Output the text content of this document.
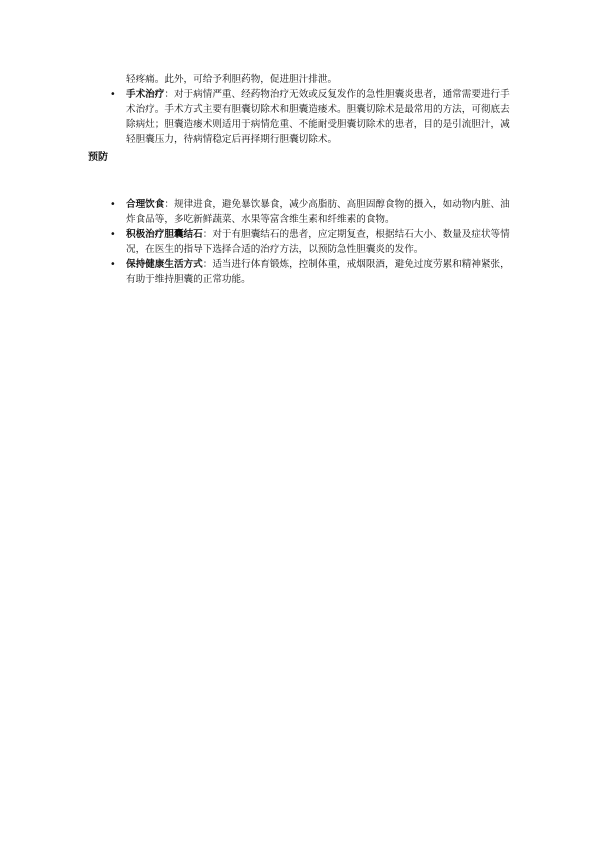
轻疼痛。此外，可给予利胆药物，促进胆汁排泄。

• 手术治疗：对于病情严重、经药物治疗无效或反复发作的急性胆囊炎患者，通常需要进行手术治疗。手术方式主要有胆囊切除术和胆囊造瘘术。胆囊切除术是最常用的方法，可彻底去除病灶；胆囊造瘘术则适用于病情危重、不能耐受胆囊切除术的患者，目的是引流胆汁，减轻胆囊压力，待病情稳定后再择期行胆囊切除术。
预防
• 合理饮食：规律进食，避免暴饮暴食，减少高脂肪、高胆固醇食物的摄入，如动物内脏、油炸食品等，多吃新鲜蔬菜、水果等富含维生素和纤维素的食物。
• 积极治疗胆囊结石：对于有胆囊结石的患者，应定期复查，根据结石大小、数量及症状等情况，在医生的指导下选择合适的治疗方法，以预防急性胆囊炎的发作。
• 保持健康生活方式：适当进行体育锻炼，控制体重，戒烟限酒，避免过度劳累和精神紧张，有助于维持胆囊的正常功能。
